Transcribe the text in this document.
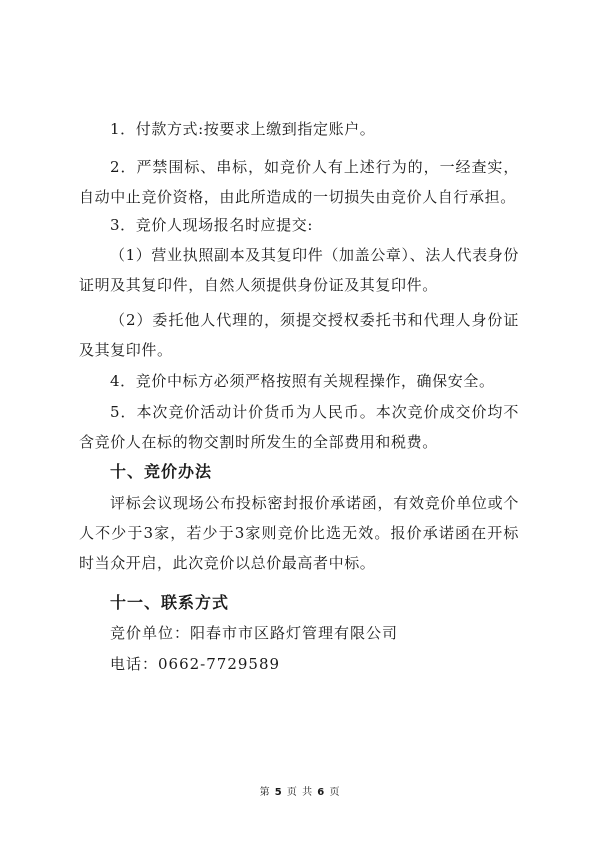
1．付款方式:按要求上缴到指定账户。
2．严禁围标、串标，如竞价人有上述行为的，一经查实，自动中止竞价资格，由此所造成的一切损失由竞价人自行承担。
3．竞价人现场报名时应提交:
（1）营业执照副本及其复印件（加盖公章）、法人代表身份证明及其复印件，自然人须提供身份证及其复印件。
（2）委托他人代理的，须提交授权委托书和代理人身份证及其复印件。
4．竞价中标方必须严格按照有关规程操作，确保安全。
5．本次竞价活动计价货币为人民币。本次竞价成交价均不含竞价人在标的物交割时所发生的全部费用和税费。
十、竞价办法
评标会议现场公布投标密封报价承诺函，有效竞价单位或个人不少于3家，若少于3家则竞价比选无效。报价承诺函在开标时当众开启，此次竞价以总价最高者中标。
十一、联系方式
竞价单位：阳春市市区路灯管理有限公司
电话：0662-7729589
第 5 页 共 6 页
